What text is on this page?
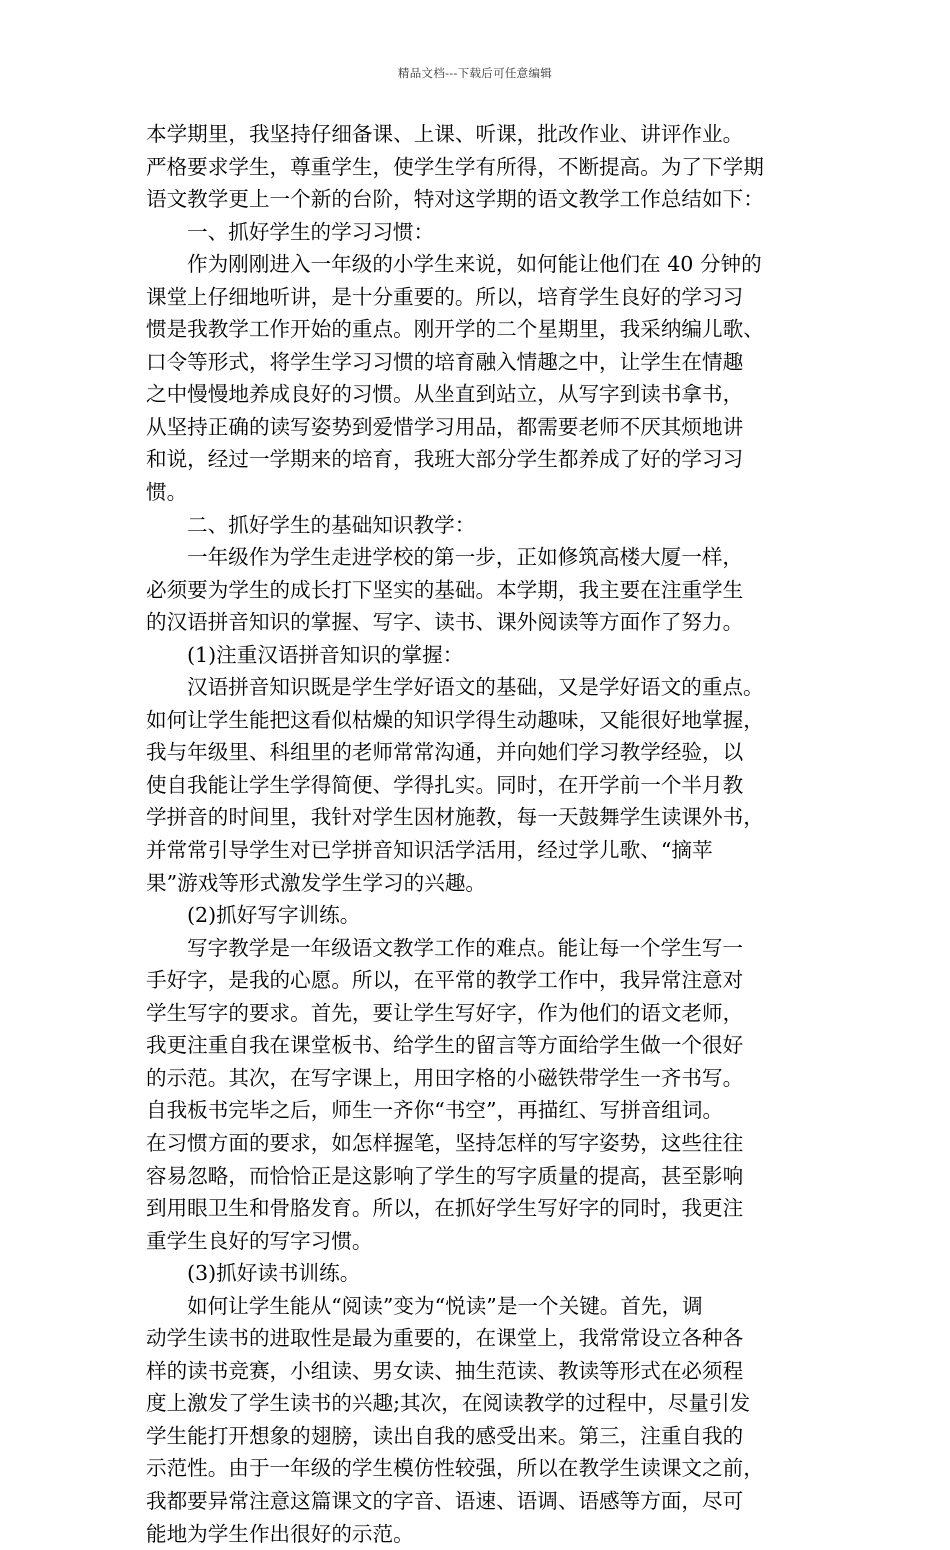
精品文档---下载后可任意编辑
本学期里，我坚持仔细备课、上课、听课，批改作业、讲评作业。
严格要求学生，尊重学生，使学生学有所得，不断提高。为了下学期
语文教学更上一个新的台阶，特对这学期的语文教学工作总结如下：
一、抓好学生的学习习惯：
作为刚刚进入一年级的小学生来说，如何能让他们在 40 分钟的
课堂上仔细地听讲，是十分重要的。所以，培育学生良好的学习习
惯是我教学工作开始的重点。刚开学的二个星期里，我采纳编儿歌、
口令等形式，将学生学习习惯的培育融入情趣之中，让学生在情趣
之中慢慢地养成良好的习惯。从坐直到站立，从写字到读书拿书，
从坚持正确的读写姿势到爱惜学习用品，都需要老师不厌其烦地讲
和说，经过一学期来的培育，我班大部分学生都养成了好的学习习
惯。
二、抓好学生的基础知识教学：
一年级作为学生走进学校的第一步，正如修筑高楼大厦一样，
必须要为学生的成长打下坚实的基础。本学期，我主要在注重学生
的汉语拼音知识的掌握、写字、读书、课外阅读等方面作了努力。
(1)注重汉语拼音知识的掌握：
汉语拼音知识既是学生学好语文的基础，又是学好语文的重点。
如何让学生能把这看似枯燥的知识学得生动趣味，又能很好地掌握，
我与年级里、科组里的老师常常沟通，并向她们学习教学经验，以
使自我能让学生学得简便、学得扎实。同时，在开学前一个半月教
学拼音的时间里，我针对学生因材施教，每一天鼓舞学生读课外书，
并常常引导学生对已学拼音知识活学活用，经过学儿歌、“摘苹
果”游戏等形式激发学生学习的兴趣。
(2)抓好写字训练。
写字教学是一年级语文教学工作的难点。能让每一个学生写一
手好字，是我的心愿。所以，在平常的教学工作中，我异常注意对
学生写字的要求。首先，要让学生写好字，作为他们的语文老师，
我更注重自我在课堂板书、给学生的留言等方面给学生做一个很好
的示范。其次，在写字课上，用田字格的小磁铁带学生一齐书写。
自我板书完毕之后，师生一齐你“书空”，再描红、写拼音组词。
在习惯方面的要求，如怎样握笔，坚持怎样的写字姿势，这些往往
容易忽略，而恰恰正是这影响了学生的写字质量的提高，甚至影响
到用眼卫生和骨胳发育。所以，在抓好学生写好字的同时，我更注
重学生良好的写字习惯。
(3)抓好读书训练。
如何让学生能从“阅读”变为“悦读”是一个关键。首先，调
动学生读书的进取性是最为重要的，在课堂上，我常常设立各种各
样的读书竞赛，小组读、男女读、抽生范读、教读等形式在必须程
度上激发了学生读书的兴趣;其次，在阅读教学的过程中，尽量引发
学生能打开想象的翅膀，读出自我的感受出来。第三，注重自我的
示范性。由于一年级的学生模仿性较强，所以在教学生读课文之前，
我都要异常注意这篇课文的字音、语速、语调、语感等方面，尽可
能地为学生作出很好的示范。
